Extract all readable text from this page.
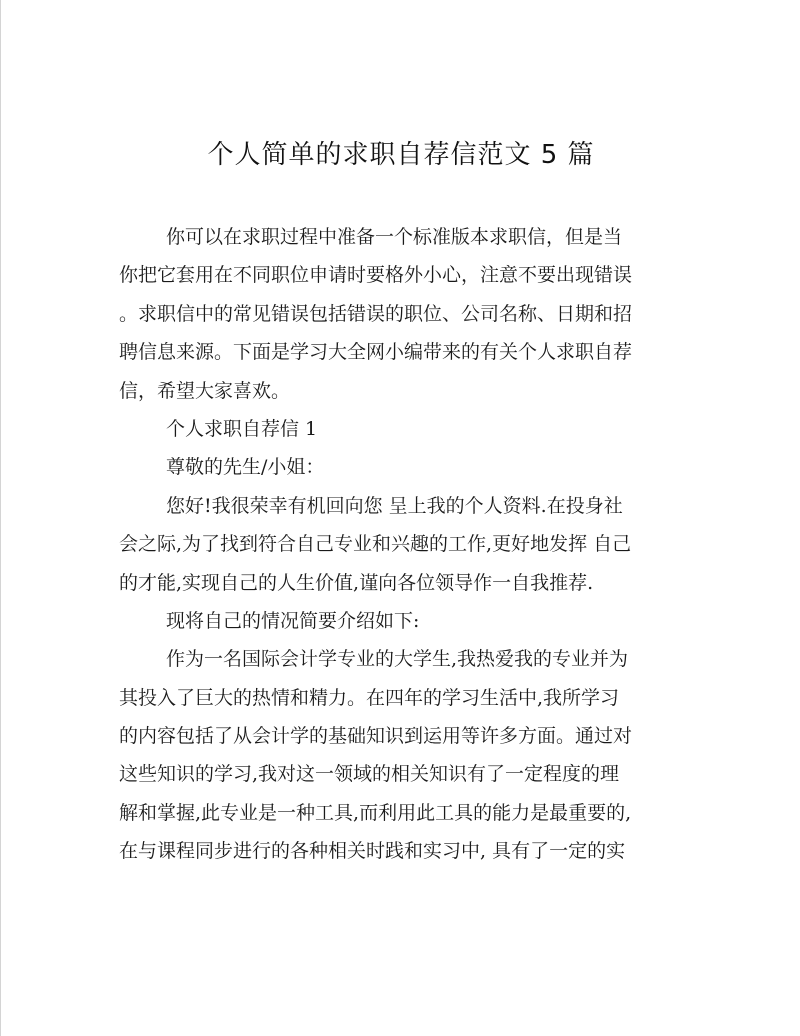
个人简单的求职自荐信范文 5 篇
你可以在求职过程中准备一个标准版本求职信，但是当
你把它套用在不同职位申请时要格外小心，注意不要出现错误
。求职信中的常见错误包括错误的职位、公司名称、日期和招
聘信息来源。下面是学习大全网小编带来的有关个人求职自荐
信，希望大家喜欢。
个人求职自荐信 1
尊敬的先生/小姐：
您好!我很荣幸有机回向您 呈上我的个人资料.在投身社
会之际,为了找到符合自己专业和兴趣的工作,更好地发挥 自己
的才能,实现自己的人生价值,谨向各位领导作一自我推荐.
现将自己的情况简要介绍如下:
作为一名国际会计学专业的大学生,我热爱我的专业并为
其投入了巨大的热情和精力。在四年的学习生活中,我所学习
的内容包括了从会计学的基础知识到运用等许多方面。通过对
这些知识的学习,我对这一领域的相关知识有了一定程度的理
解和掌握,此专业是一种工具,而利用此工具的能力是最重要的,
在与课程同步进行的各种相关时践和实习中, 具有了一定的实
